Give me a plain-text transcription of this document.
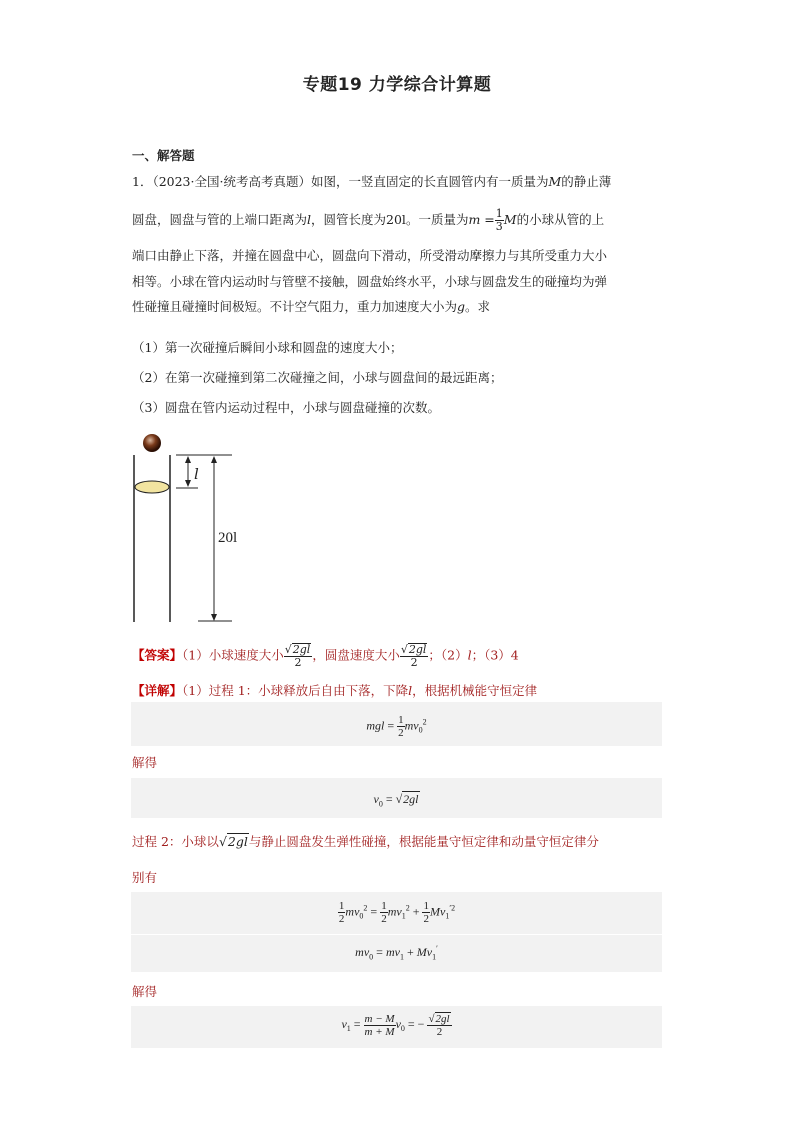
专题19 力学综合计算题
一、解答题
1．（2023·全国·统考高考真题）如图，一竖直固定的长直圆管内有一质量为M的静止薄
圆盘，圆盘与管的上端口距离为l，圆管长度为20l。一质量为$m = \frac{1}{3}$ M的小球从管的上
端口由静止下落，并撞在圆盘中心，圆盘向下滑动，所受滑动摩擦力与其所受重力大小
相等。小球在管内运动时与管壁不接触，圆盘始终水平，小球与圆盘发生的碰撞均为弹
性碰撞且碰撞时间极短。不计空气阻力，重力加速度大小为g。求
（1）第一次碰撞后瞬间小球和圆盘的速度大小；
（2）在第一次碰撞到第二次碰撞之间，小球与圆盘间的最远距离；
（3）圆盘在管内运动过程中，小球与圆盘碰撞的次数。
l
20l
【答案】（1）小球速度大小 $\frac{√2gl}{2}$ ，圆盘速度大小 $\frac{√2gl}{2}$ ；（2）l；（3）4
【详解】（1）过程 1：小球释放后自由下落，下降l，根据机械能守恒定律
mgl = $\frac{1}{2} mv_0^2$
解得
$v_0 = √2gl$
过程 2：小球以√2gl与静止圆盘发生弹性碰撞，根据能量守恒定律和动量守恒定律分
别有
$\frac{1}{2} mv_0^2 = \frac{1}{2} mv_1^2 + \frac{1}{2} Mv_1^{'2}$
$mv_0 = mv_1 + Mv_1'$
解得
$v_1 = \frac{m - M}{m + M} v_0$ = − $\frac{√2gl}{2}$
